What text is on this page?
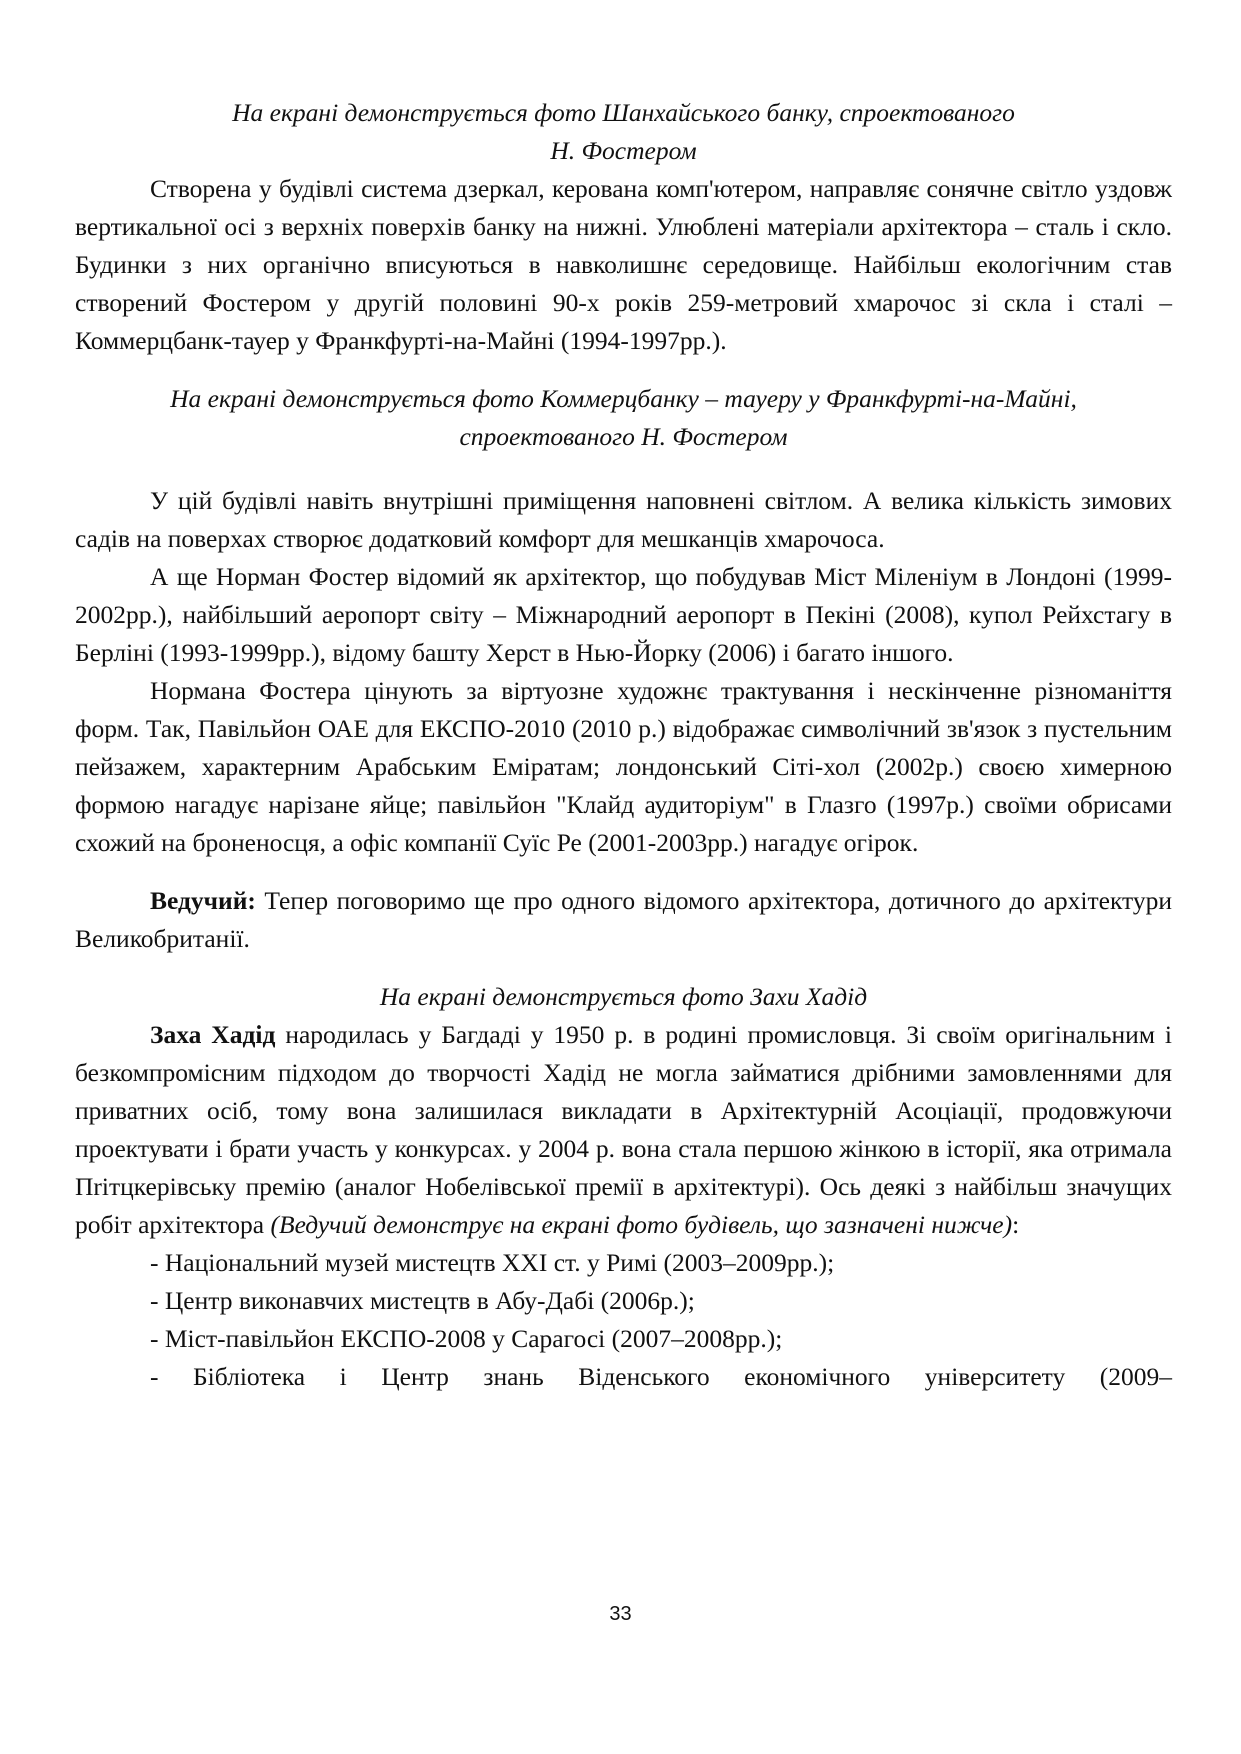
На екрані демонструється фото Шанхайського банку, спроектованого
Н. Фостером

Створена у будівлі система дзеркал, керована комп'ютером, направляє сонячне світло уздовж вертикальної осі з верхніх поверхів банку на нижні. Улюблені матеріали архітектора – сталь і скло. Будинки з них органічно вписуються в навколишнє середовище. Найбільш екологічним став створений Фостером у другій половині 90-х років 259-метровий хмарочос зі скла і сталі – Коммерцбанк-тауер у Франкфурті-на-Майні (1994-1997рр.).

На екрані демонструється фото Коммерцбанку – тауеру у Франкфурті-на-Майні,
спроектованого Н. Фостером

У цій будівлі навіть внутрішні приміщення наповнені світлом. А велика кількість зимових садів на поверхах створює додатковий комфорт для мешканців хмарочоса.

А ще Норман Фостер відомий як архітектор, що побудував Міст Міленіум в Лондоні (1999-2002рр.), найбільший аеропорт світу – Міжнародний аеропорт в Пекіні (2008), купол Рейхстагу в Берліні (1993-1999рр.), відому башту Херст в Нью-Йорку (2006) і багато іншого.

Нормана Фостера цінують за віртуозне художнє трактування і нескінченне різноманіття форм. Так, Павільйон ОАЕ для ЕКСПО-2010 (2010 р.) відображає символічний зв'язок з пустельним пейзажем, характерним Арабським Еміратам; лондонський Сіті-хол (2002р.) своєю химерною формою нагадує нарізане яйце; павільйон "Клайд аудиторіум" в Глазго (1997р.) своїми обрисами схожий на броненосця, а офіс компанії Суїс Ре (2001-2003рр.) нагадує огірок.

Ведучий: Тепер поговоримо ще про одного відомого архітектора, дотичного до архітектури Великобританії.

На екрані демонструється фото Захи Хадід

Заха Хадід народилась у Багдаді у 1950 р. в родині промисловця. Зі своїм оригінальним і безкомпромісним підходом до творчості Хадід не могла займатися дрібними замовленнями для приватних осіб, тому вона залишилася викладати в Архітектурній Асоціації, продовжуючи проектувати і брати участь у конкурсах. у 2004 р. вона стала першою жінкою в історії, яка отримала Пrітцкерівську премію (аналог Нобелівської премії в архітектурі). Ось деякі з найбільш значущих робіт архітектора (Ведучий демонструє на екрані фото будівель, що зазначені нижче):

- Національний музей мистецтв XXI ст. у Римі (2003–2009рр.);
- Центр виконавчих мистецтв в Абу-Дабі (2006р.);
- Міст-павільйон ЕКСПО-2008 у Сарагосі (2007–2008рр.);
- Бібліотека і Центр знань Віденського економічного університету (2009–
33
